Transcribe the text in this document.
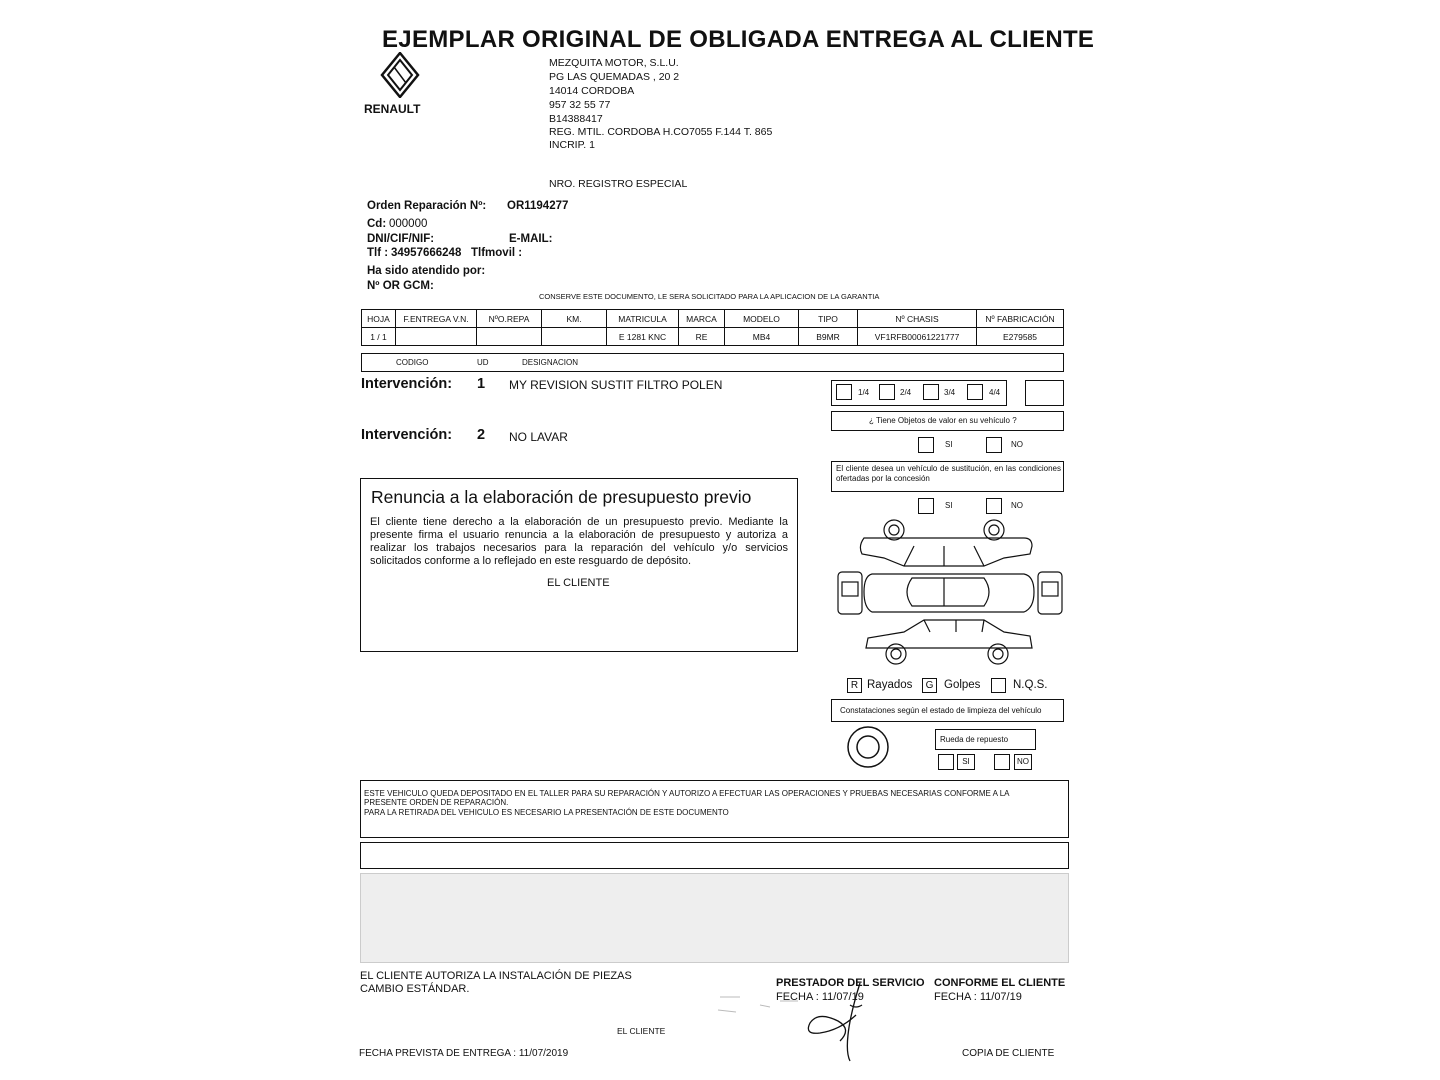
EJEMPLAR ORIGINAL DE OBLIGADA ENTREGA AL CLIENTE
RENAULT
MEZQUITA MOTOR, S.L.U.
PG LAS QUEMADAS , 20 2
14014 CORDOBA
957 32 55 77
B14388417
REG. MTIL. CORDOBA H.CO7055 F.144 T. 865
INCRIP. 1
NRO. REGISTRO ESPECIAL
Orden Reparación Nº: OR1194277
Cd: 000000
DNI/CIF/NIF:	E-MAIL:
Tlf : 34957666248 Tlfmovil :
Ha sido atendido por:
Nº OR GCM:
CONSERVE ESTE DOCUMENTO, LE SERA SOLICITADO PARA LA APLICACION DE LA GARANTIA
HOJA	F.ENTREGA V.N.	NºO.REPA	KM.	MATRICULA	MARCA	MODELO	TIPO	Nº CHASIS	Nº FABRICACIÓN
1 / 1				E 1281 KNC	RE	MB4	B9MR	VF1RFB00061221777	E279585
CODIGO	UD	DESIGNACION
Intervención: 1 MY REVISION SUSTIT FILTRO POLEN
Intervención: 2 NO LAVAR
Renuncia a la elaboración de presupuesto previo
El cliente tiene derecho a la elaboración de un presupuesto previo. Mediante la presente firma el usuario renuncia a la elaboración de presupuesto y autoriza a realizar los trabajos necesarios para la reparación del vehículo y/o servicios solicitados conforme a lo reflejado en este resguardo de depósito.
EL CLIENTE
1/4	2/4	3/4	4/4
¿ Tiene Objetos de valor en su vehículo ?
SI	NO
El cliente desea un vehículo de sustitución, en las condiciones ofertadas por la concesión
SI	NO
R Rayados	G Golpes	N.Q.S.
Constataciones según el estado de limpieza del vehículo
Rueda de repuesto
SI	NO
ESTE VEHICULO QUEDA DEPOSITADO EN EL TALLER PARA SU REPARACIÓN Y AUTORIZO A EFECTUAR LAS OPERACIONES Y PRUEBAS NECESARIAS CONFORME A LA
PRESENTE ORDEN DE REPARACIÓN.
PARA LA RETIRADA DEL VEHICULO ES NECESARIO LA PRESENTACIÓN DE ESTE DOCUMENTO
EL CLIENTE AUTORIZA LA INSTALACIÓN DE PIEZAS
CAMBIO ESTÁNDAR.	PRESTADOR DEL SERVICIO
FECHA : 11/07/19
CONFORME EL CLIENTE
FECHA : 11/07/19
EL CLIENTE
FECHA PREVISTA DE ENTREGA : 11/07/2019	COPIA DE CLIENTE
